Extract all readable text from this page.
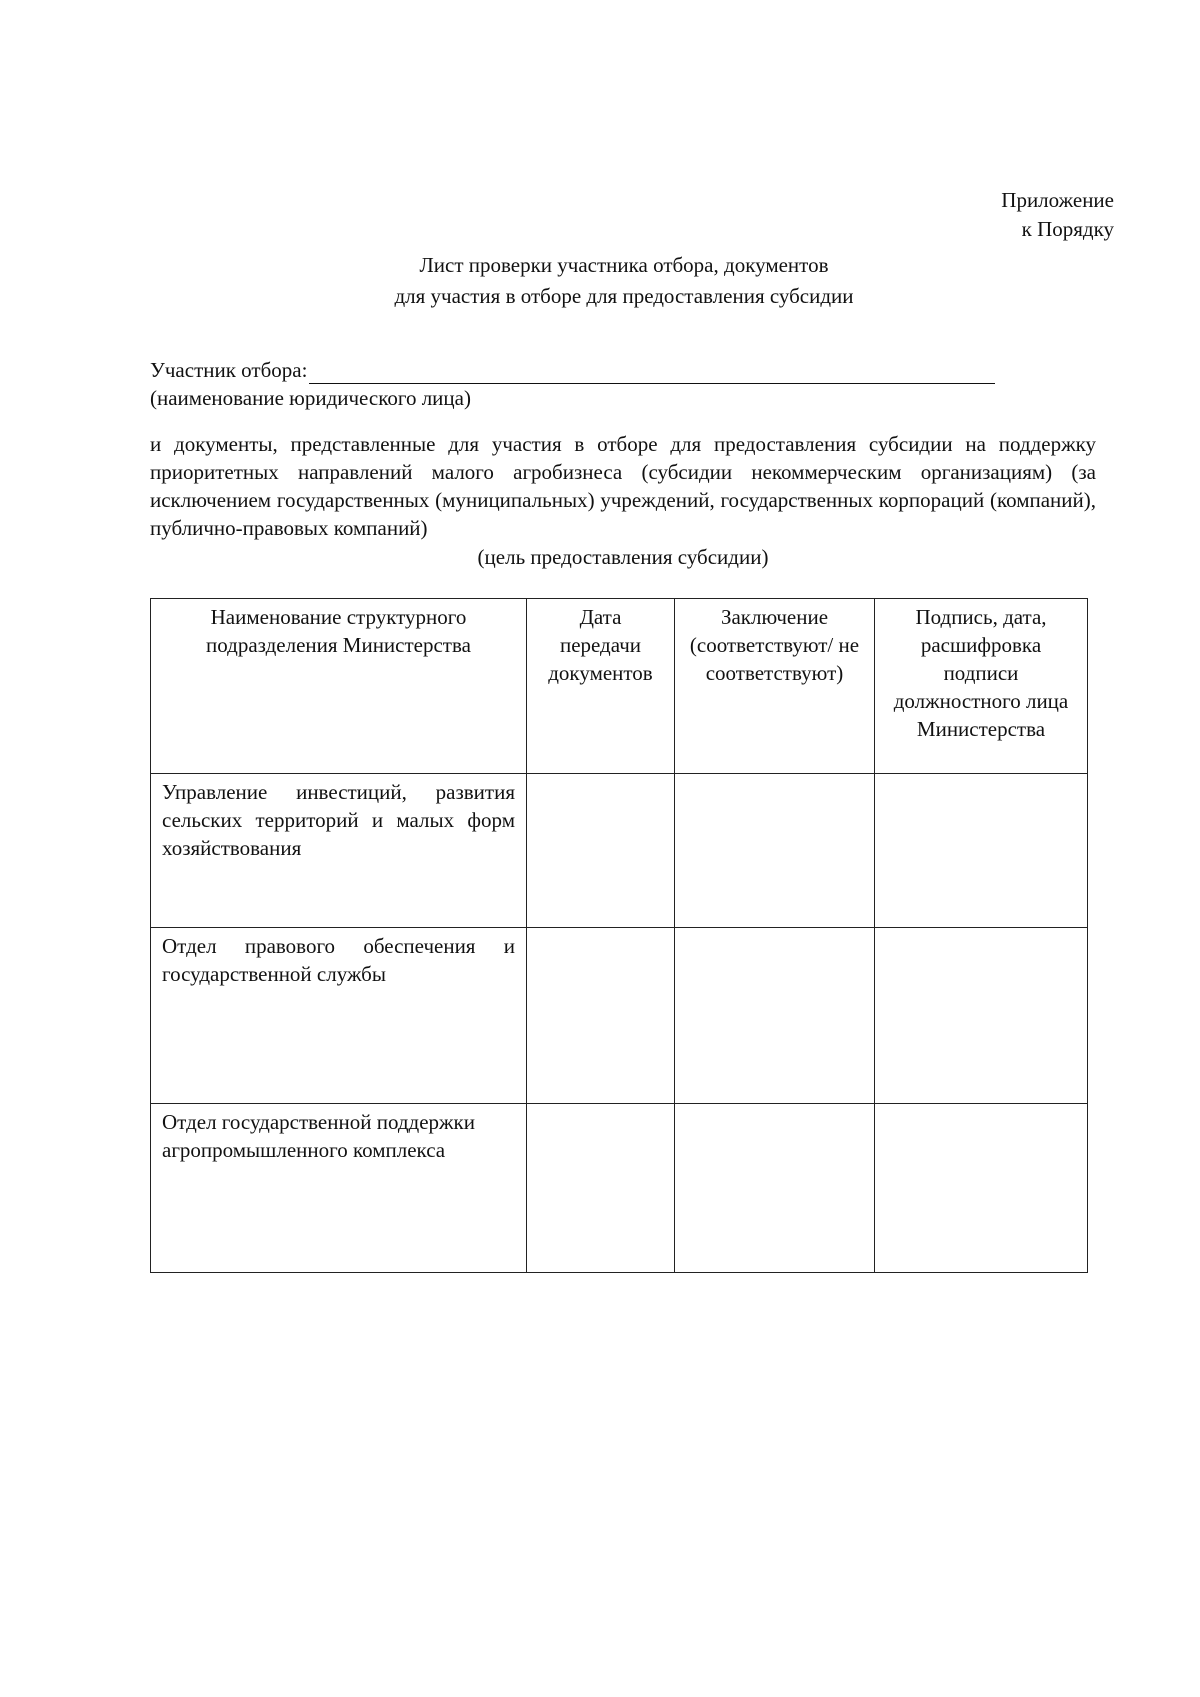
Приложение
к Порядку
Лист проверки участника отбора, документов
для участия в отборе для предоставления субсидии
Участник отбора:
(наименование юридического лица)
и документы, представленные для участия в отборе для предоставления субсидии на поддержку приоритетных направлений малого агробизнеса (субсидии некоммерческим организациям) (за исключением государственных (муниципальных) учреждений, государственных корпораций (компаний), публично-правовых компаний)
(цель предоставления субсидии)
Наименование структурного подразделения Министерства	Дата передачи документов	Заключение (соответствуют/ не соответствуют)	Подпись, дата, расшифровка подписи должностного лица Министерства
Управление инвестиций, развития сельских территорий и малых форм хозяйствования			
Отдел правового обеспечения и государственной службы			
Отдел государственной поддержки агропромышленного комплекса			
